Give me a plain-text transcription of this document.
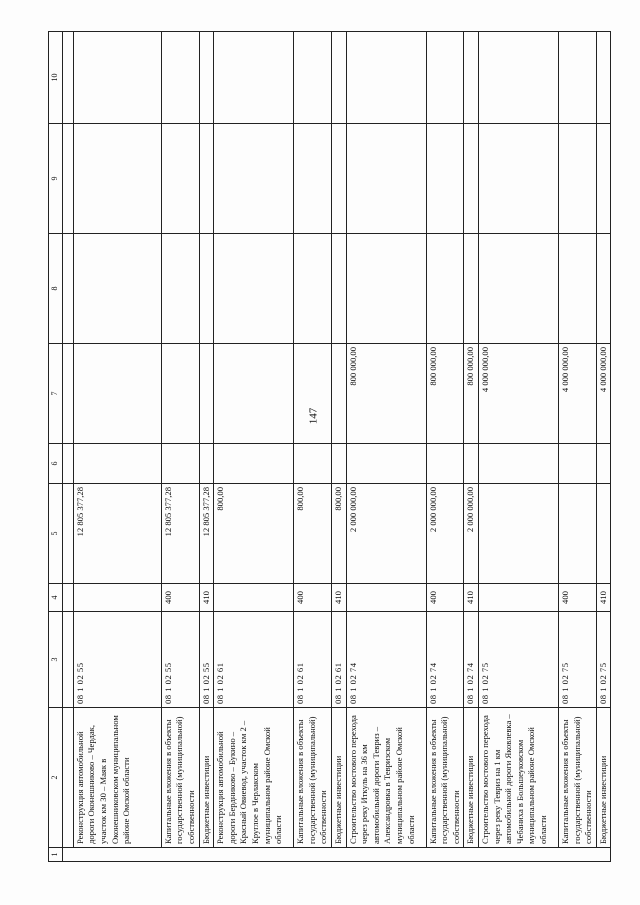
147
1	2	3	4	5	6	7	8	9	10

	Реконструкция автомобильной дороги Оконешниково – Чердак, участок км 30 – Маяк в Оконешниковском муниципальном районе Омской области	08 1 02 55		12 805 377,28					
	Капитальные вложения в объекты государственной (муниципальной) собственности	08 1 02 55	400	12 805 377,28					
	Бюджетные инвестиции	08 1 02 55	410	12 805 377,28					
	Реконструкция автомобильной дороги Бердниково – Букино – Красный Овиевод, участок км 2 – Круглое в Черлакском муниципальном районе Омской области	08 1 02 61		800,00					
	Капитальные вложения в объекты государственной (муниципальной) собственности	08 1 02 61	400	800,00					
	Бюджетные инвестиции	08 1 02 61	410	800,00					
	Строительство мостового перехода через реку Иткуль на 36 км автомобильной дороги Тевриз – Александровка в Тевризском муниципальном районе Омской области	08 1 02 74		2 000 000,00		800 000,00			
	Капитальные вложения в объекты государственной (муниципальной) собственности	08 1 02 74	400	2 000 000,00		800 000,00			
	Бюджетные инвестиции	08 1 02 74	410	2 000 000,00		800 000,00			
	Строительство мостового перехода через реку Тевриз на 1 км автомобильной дороги Яковлевка – Чебаниха в Большеуковском муниципальном районе Омской области	08 1 02 75				4 000 000,00			
	Капитальные вложения в объекты государственной (муниципальной) собственности	08 1 02 75	400			4 000 000,00			
	Бюджетные инвестиции	08 1 02 75	410			4 000 000,00			
